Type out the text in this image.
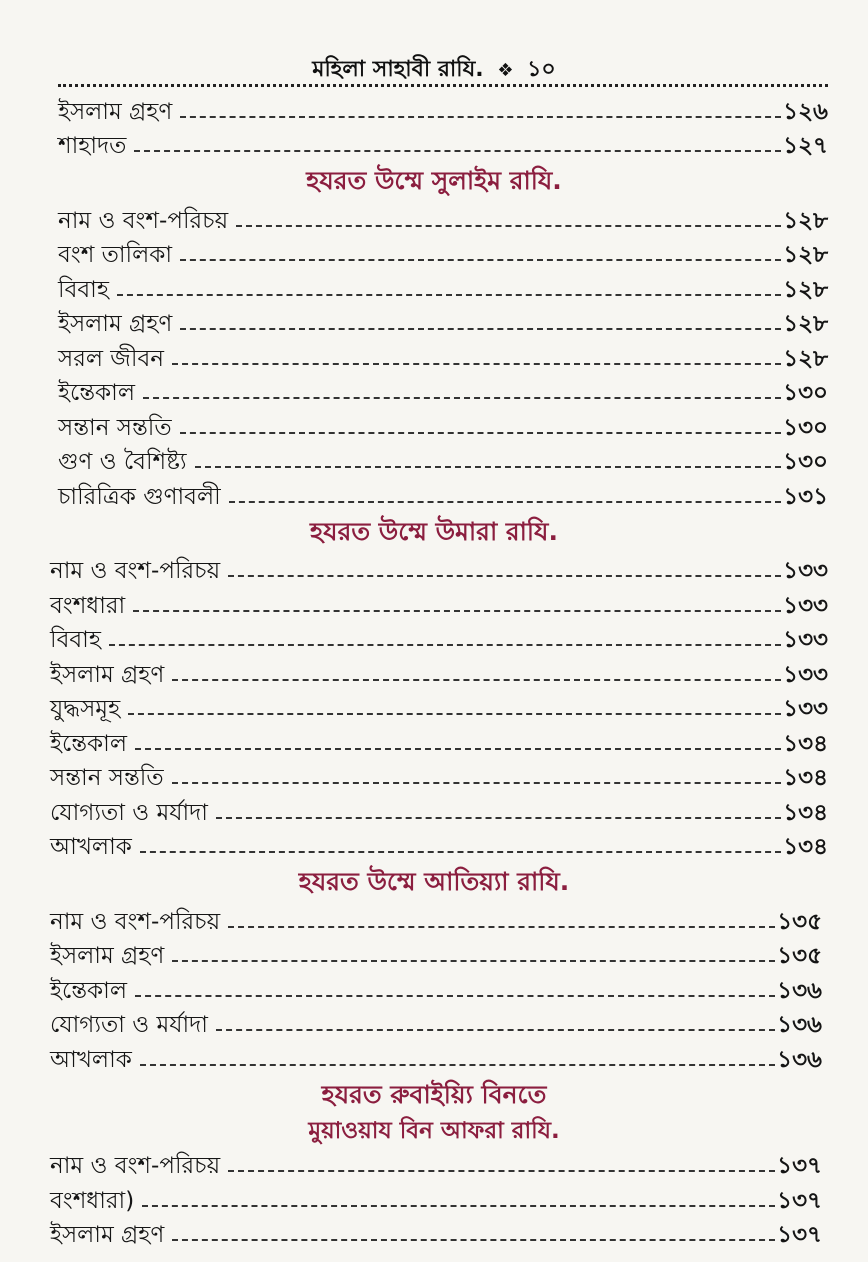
মহিলা সাহাবী রাযি. ❖ ১০
ইসলাম গ্রহণ	১২৬
শাহাদত	১২৭
হযরত উম্মে সুলাইম রাযি.
নাম ও বংশ-পরিচয়	১২৮
বংশ তালিকা	১২৮
বিবাহ	১২৮
ইসলাম গ্রহণ	১২৮
সরল জীবন	১২৮
ইন্তেকাল	১৩০
সন্তান সন্ততি	১৩০
গুণ ও বৈশিষ্ট্য	১৩০
চারিত্রিক গুণাবলী	১৩১
হযরত উম্মে উমারা রাযি.
নাম ও বংশ-পরিচয়	১৩৩
বংশধারা	১৩৩
বিবাহ	১৩৩
ইসলাম গ্রহণ	১৩৩
যুদ্ধসমূহ	১৩৩
ইন্তেকাল	১৩৪
সন্তান সন্ততি	১৩৪
যোগ্যতা ও মর্যাদা	১৩৪
আখলাক	১৩৪
হযরত উম্মে আতিয়্যা রাযি.
নাম ও বংশ-পরিচয়	১৩৫
ইসলাম গ্রহণ	১৩৫
ইন্তেকাল	১৩৬
যোগ্যতা ও মর্যাদা	১৩৬
আখলাক	১৩৬
হযরত রুবাইয়্যি বিনতে
মুয়াওয়ায বিন আফরা রাযি.
নাম ও বংশ-পরিচয়	১৩৭
বংশধারা)	১৩৭
ইসলাম গ্রহণ	১৩৭
